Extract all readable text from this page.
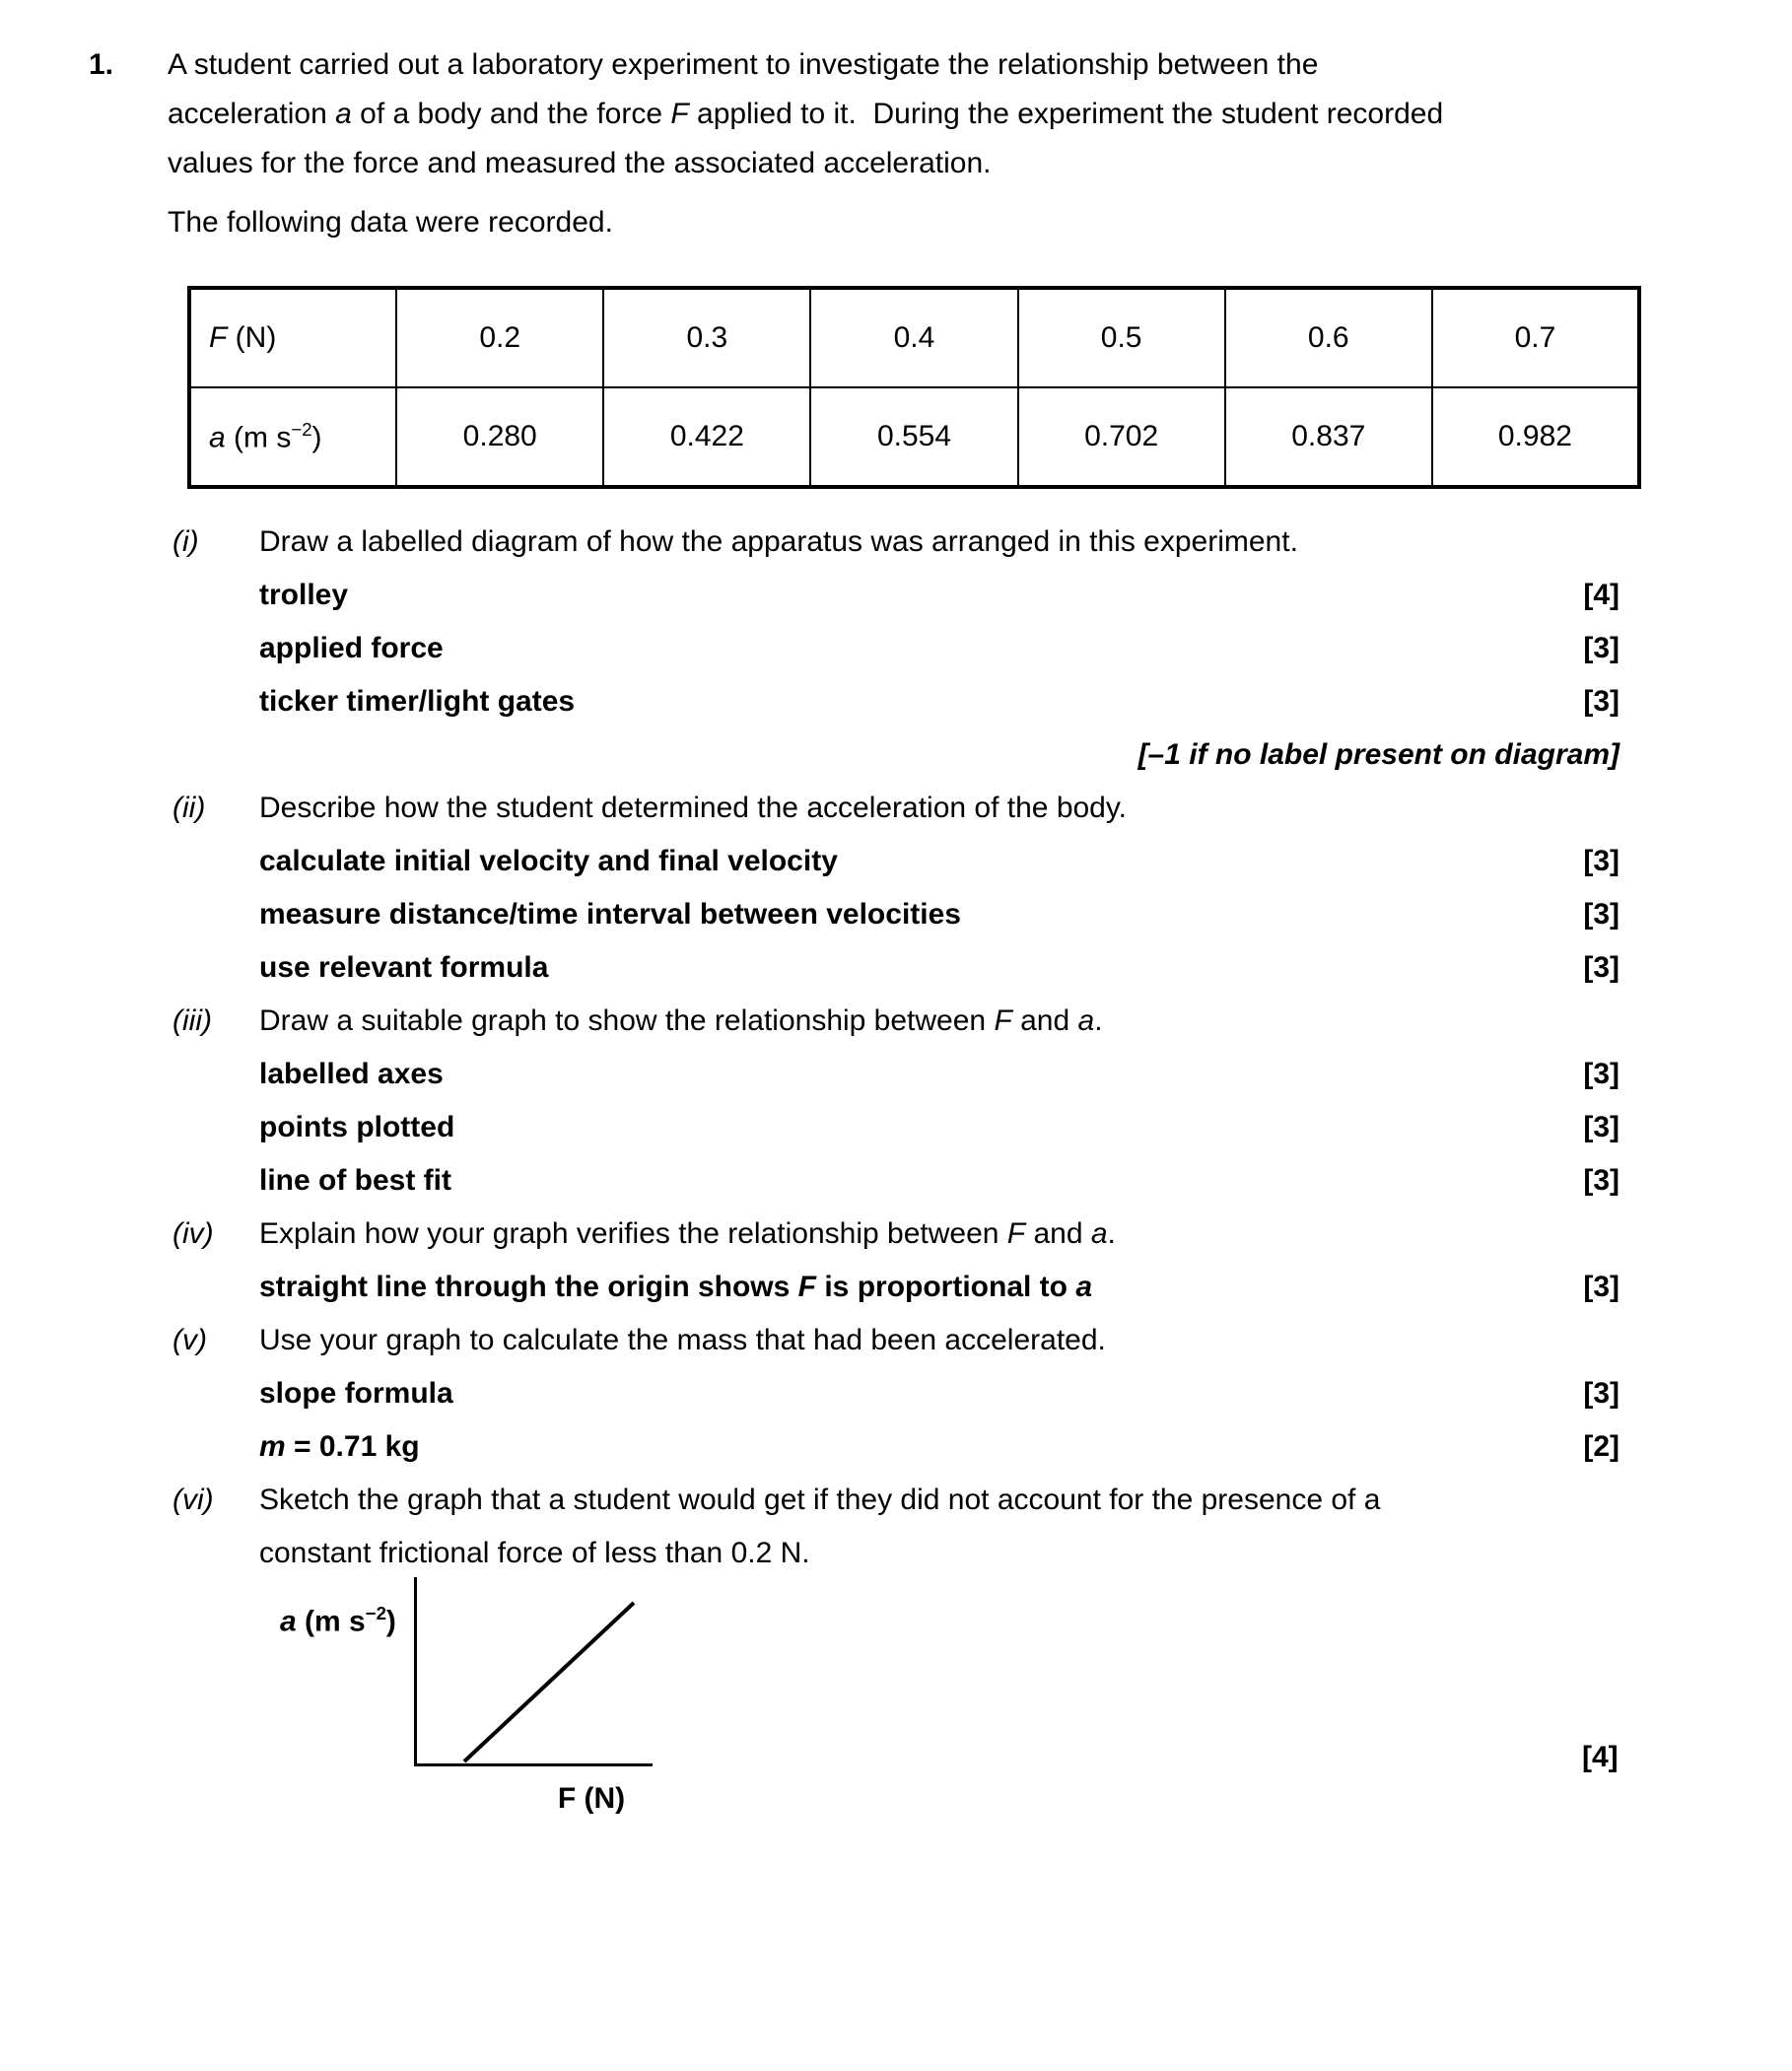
1. A student carried out a laboratory experiment to investigate the relationship between the
acceleration a of a body and the force F applied to it.  During the experiment the student recorded
values for the force and measured the associated acceleration.
The following data were recorded.
F (N)	0.2	0.3	0.4	0.5	0.6	0.7
a (m $s^{-2}$)	0.280	0.422	0.554	0.702	0.837	0.982
(i)	Draw a labelled diagram of how the apparatus was arranged in this experiment.
trolley	[4]
applied force	[3]
ticker timer/light gates	[3]
[–1 if no label present on diagram]
(ii)	Describe how the student determined the acceleration of the body.
calculate initial velocity and final velocity	[3]
measure distance/time interval between velocities	[3]
use relevant formula	[3]
(iii)	Draw a suitable graph to show the relationship between F and a.
labelled axes	[3]
points plotted	[3]
line of best fit	[3]
(iv)	Explain how your graph verifies the relationship between F and a.
straight line through the origin shows F is proportional to a	[3]
(v)	Use your graph to calculate the mass that had been accelerated.
slope formula	[3]
m = 0.71 kg	[2]
(vi)	Sketch the graph that a student would get if they did not account for the presence of a
constant frictional force of less than 0.2 N.
a (m $s^{-2}$)
F (N)
[4]
